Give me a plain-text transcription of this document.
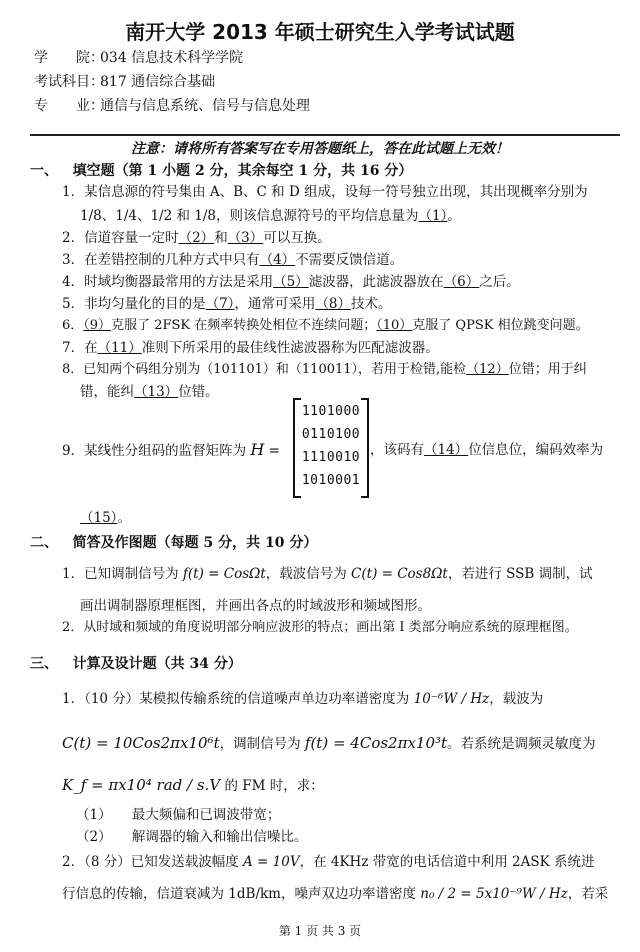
南开大学 2013 年硕士研究生入学考试试题
学　　院：034 信息技术科学学院
考试科目：817 通信综合基础
专　　业：通信与信息系统、信号与信息处理
注意：请将所有答案写在专用答题纸上，答在此试题上无效！
一、 填空题（第 1 小题 2 分，其余每空 1 分，共 16 分）
1．某信息源的符号集由 A、B、C 和 D 组成，设每一符号独立出现，其出现概率分别为
1/8、1/4、1/2 和 1/8，则该信息源符号的平均信息量为（1）。
2．信道容量一定时（2）和（3）可以互换。
3．在差错控制的几种方式中只有（4）不需要反馈信道。
4．时域均衡器最常用的方法是采用（5）滤波器，此滤波器放在（6）之后。
5．非均匀量化的目的是（7），通常可采用（8）技术。
6．（9）克服了 2FSK 在频率转换处相位不连续问题；（10）克服了 QPSK 相位跳变问题。
7．在（11）准则下所采用的最佳线性滤波器称为匹配滤波器。
8．已知两个码组分别为（101101）和（110011），若用于检错,能检（12）位错；用于纠
错，能纠（13）位错。
9．某线性分组码的监督矩阵为 H =
1101000
0110100
1110010
1010001
，该码有（14）位信息位，编码效率为
（15）。
二、 简答及作图题（每题 5 分，共 10 分）
1．已知调制信号为 f(t) = CosΩt，载波信号为 C(t) = Cos8Ωt，若进行 SSB 调制，试
画出调制器原理框图，并画出各点的时域波形和频域图形。
2．从时域和频域的角度说明部分响应波形的特点；画出第 I 类部分响应系统的原理框图。
三、 计算及设计题（共 34 分）
1．（10 分）某模拟传输系统的信道噪声单边功率谱密度为 10⁻⁶W / Hz，载波为
C(t) = 10Cos2πx10⁶t，调制信号为 f(t) = 4Cos2πx10³t。若系统是调频灵敏度为
K_f = πx10⁴ rad / s.V 的 FM 时，求：
（1）　　最大频偏和已调波带宽；
（2）　　解调器的输入和输出信噪比。
2．（8 分）已知发送载波幅度 A = 10V，在 4KHz 带宽的电话信道中利用 2ASK 系统进
行信息的传输，信道衰减为 1dB/km，噪声双边功率谱密度 n₀ / 2 = 5x10⁻⁹W / Hz，若采
第 1 页 共 3 页
